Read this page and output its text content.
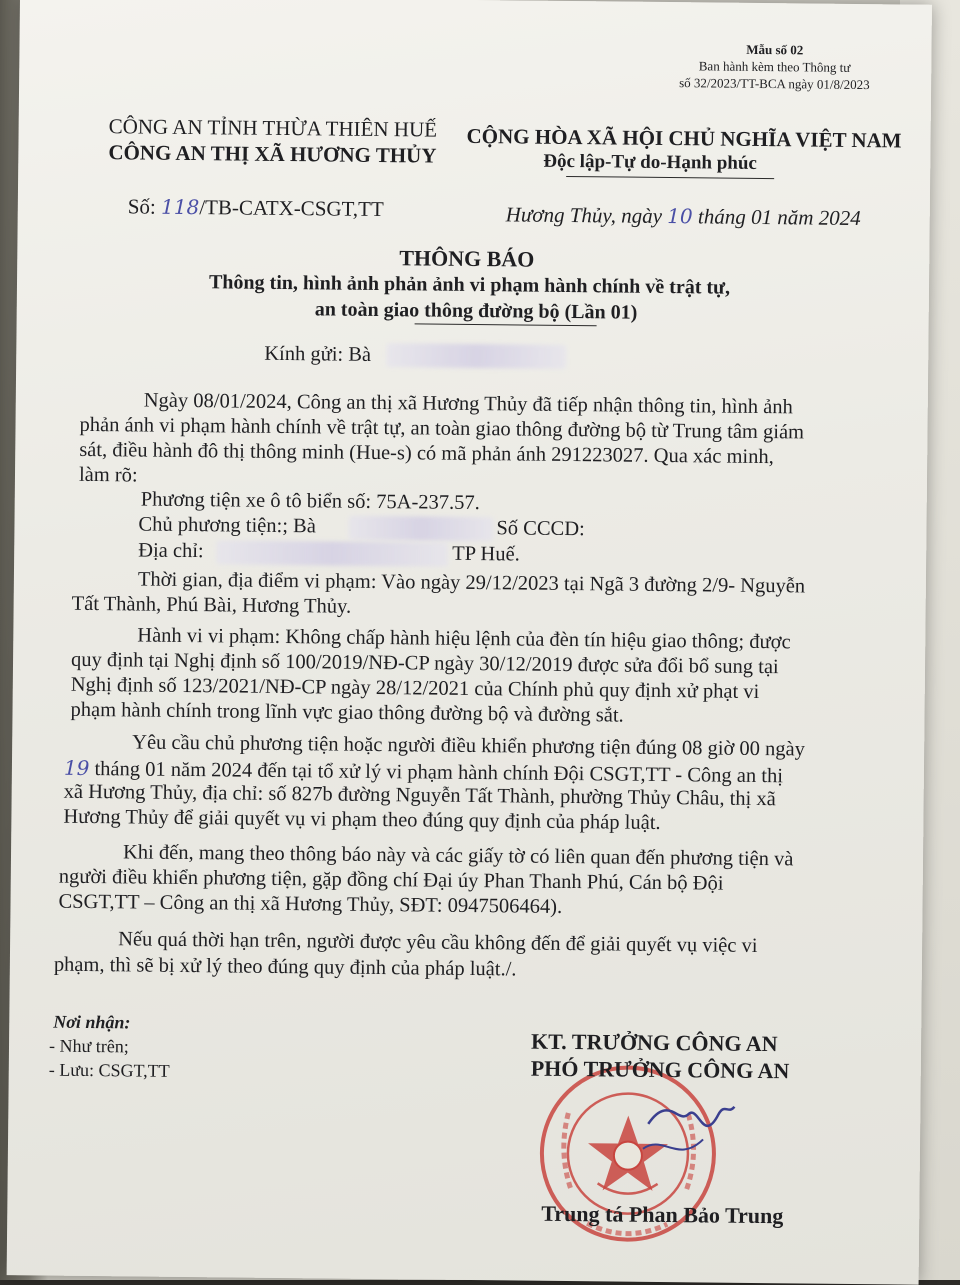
Mẫu số 02
Ban hành kèm theo Thông tư
số 32/2023/TT-BCA ngày 01/8/2023
CÔNG AN TỈNH THỪA THIÊN HUẾ
CÔNG AN THỊ XÃ HƯƠNG THỦY
CỘNG HÒA XÃ HỘI CHỦ NGHĨA VIỆT NAM
Độc lập-Tự do-Hạnh phúc
Số: 118/TB-CATX-CSGT,TT	Hương Thủy, ngày 10 tháng 01 năm 2024
THÔNG BÁO
Thông tin, hình ảnh phản ảnh vi phạm hành chính về trật tự,
an toàn giao thông đường bộ (Lần 01)
Kính gửi: Bà
Ngày 08/01/2024, Công an thị xã Hương Thủy đã tiếp nhận thông tin, hình ảnh
phản ánh vi phạm hành chính về trật tự, an toàn giao thông đường bộ từ Trung tâm giám
sát, điều hành đô thị thông minh (Hue-s) có mã phản ánh 291223027. Qua xác minh,
làm rõ:
Phương tiện xe ô tô biển số: 75A-237.57.
Chủ phương tiện:; Bà	Số CCCD:
Địa chỉ:	TP Huế.
Thời gian, địa điểm vi phạm: Vào ngày 29/12/2023 tại Ngã 3 đường 2/9- Nguyễn
Tất Thành, Phú Bài, Hương Thủy.
Hành vi vi phạm: Không chấp hành hiệu lệnh của đèn tín hiệu giao thông; được
quy định tại Nghị định số 100/2019/NĐ-CP ngày 30/12/2019 được sửa đổi bổ sung tại
Nghị định số 123/2021/NĐ-CP ngày 28/12/2021 của Chính phủ quy định xử phạt vi
phạm hành chính trong lĩnh vực giao thông đường bộ và đường sắt.
Yêu cầu chủ phương tiện hoặc người điều khiển phương tiện đúng 08 giờ 00 ngày
19 tháng 01 năm 2024 đến tại tổ xử lý vi phạm hành chính Đội CSGT,TT - Công an thị
xã Hương Thủy, địa chỉ: số 827b đường Nguyễn Tất Thành, phường Thủy Châu, thị xã
Hương Thủy để giải quyết vụ vi phạm theo đúng quy định của pháp luật.
Khi đến, mang theo thông báo này và các giấy tờ có liên quan đến phương tiện và
người điều khiển phương tiện, gặp đồng chí Đại úy Phan Thanh Phú, Cán bộ Đội
CSGT,TT – Công an thị xã Hương Thủy, SĐT: 0947506464).
Nếu quá thời hạn trên, người được yêu cầu không đến để giải quyết vụ việc vi
phạm, thì sẽ bị xử lý theo đúng quy định của pháp luật./.
Nơi nhận:
- Như trên;
- Lưu: CSGT,TT
KT. TRƯỞNG CÔNG AN
PHÓ TRƯỞNG CÔNG AN
Trung tá Phan Bảo Trung
